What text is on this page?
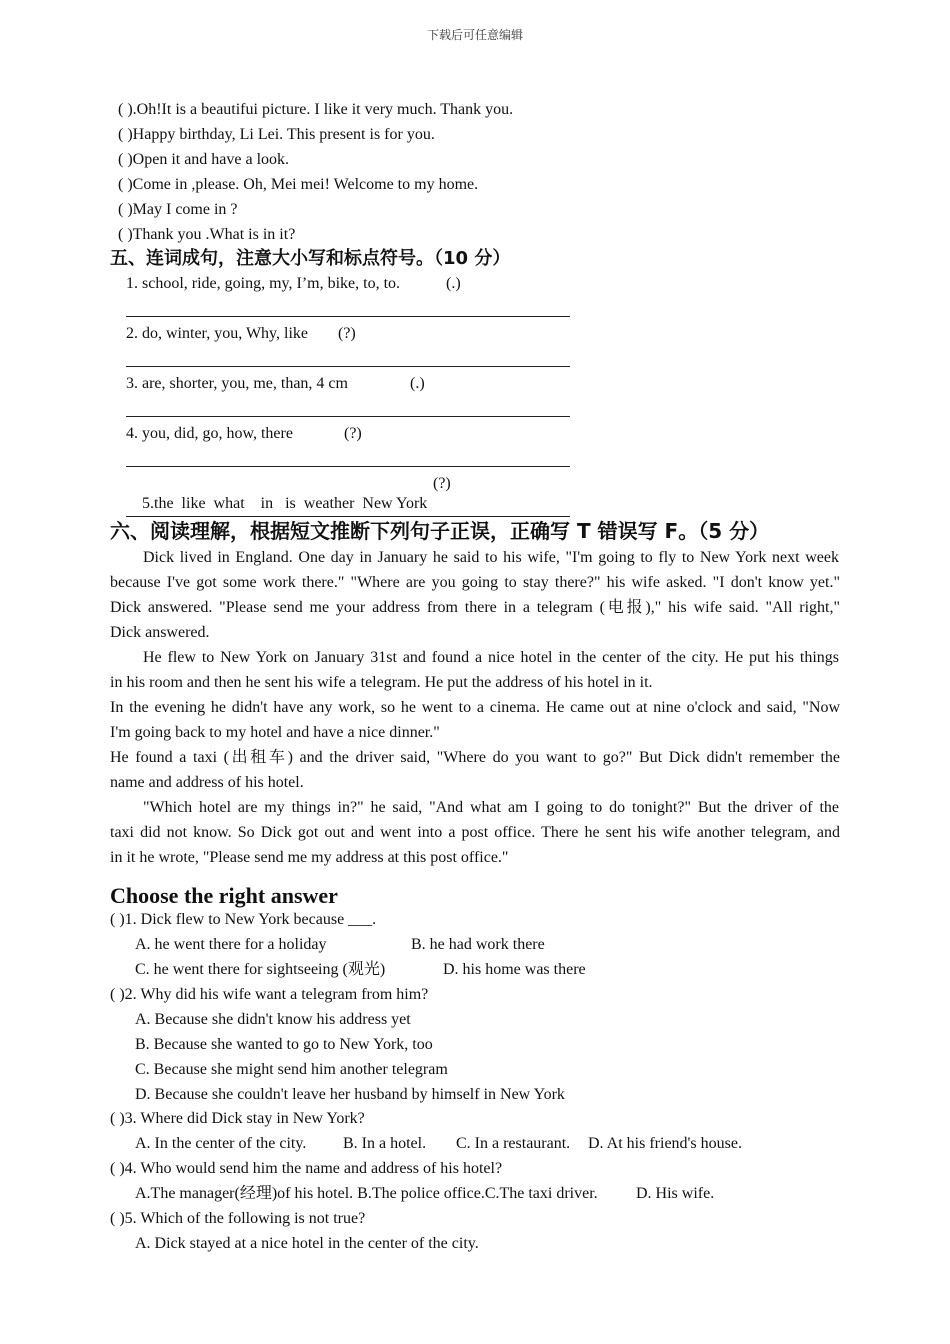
下载后可任意编辑
( ).Oh!It is a beautifui picture. I like it very much. Thank you.
( )Happy birthday, Li Lei. This present is for you.
( )Open it and have a look.
( )Come in ,please. Oh, Mei mei! Welcome to my home.
( )May I come in ?
( )Thank you .What is in it?
五、连词成句，注意大小写和标点符号。（10 分）
1. school, ride, going, my, I’m, bike, to, to.	(.)
2. do, winter, you, Why, like (?)
3. are, shorter, you, me, than, 4 cm	(.)
4. you, did, go, how, there	(?)

5.the  like  what    in   is  weather  New York

(?)
六、阅读理解，根据短文推断下列句子正误，正确写 T 错误写 F。（5 分）
Dick lived in England. One day in January he said to his wife, "I'm going to fly to New York next week
because I've got some work there." "Where are you going to stay there?" his wife asked. "I don't know yet."
Dick answered. "Please send me your address from there in a telegram (电报)," his wife said. "All right,"
Dick answered.
He flew to New York on January 31st and found a nice hotel in the center of the city. He put his things
in his room and then he sent his wife a telegram. He put the address of his hotel in it.
In the evening he didn't have any work, so he went to a cinema. He came out at nine o'clock and said, "Now
I'm going back to my hotel and have a nice dinner."
He found a taxi (出租车) and the driver said, "Where do you want to go?" But Dick didn't remember the
name and address of his hotel.
"Which hotel are my things in?" he said, "And what am I going to do tonight?" But the driver of the
taxi did not know. So Dick got out and went into a post office. There he sent his wife another telegram, and
in it he wrote, "Please send me my address at this post office."
Choose the right answer
( )1. Dick flew to New York because ___.
A. he went there for a holiday	B. he had work there
C. he went there for sightseeing (观光)	D. his home was there
( )2. Why did his wife want a telegram from him?
A. Because she didn't know his address yet
B. Because she wanted to go to New York, too
C. Because she might send him another telegram
D. Because she couldn't leave her husband by himself in New York
( )3. Where did Dick stay in New York?
A. In the center of the city. B. In a hotel. C. In a restaurant. D. At his friend's house.
( )4. Who would send him the name and address of his hotel?
A.The manager(经理)of his hotel. B.The police office.C.The taxi driver. D. His wife.
( )5. Which of the following is not true?
A. Dick stayed at a nice hotel in the center of the city.
